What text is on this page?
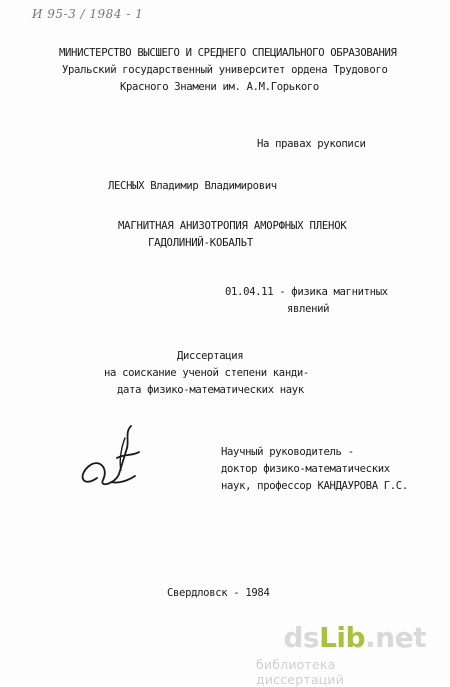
И 95-3 / 1984 - 1
МИНИСТЕРСТВО ВЫСШЕГО И СРЕДНЕГО СПЕЦИАЛЬНОГО ОБРАЗОВАНИЯ
Уральский государственный университет ордена Трудового
Красного Знамени им. А.М.Горького
На правах рукописи
ЛЕСНЫХ Владимир Владимирович
МАГНИТНАЯ АНИЗОТРОПИЯ АМОРФНЫХ ПЛЕНОК
ГАДОЛИНИЙ-КОБАЛЬТ
01.04.11 - физика магнитных
явлений
Диссертация
на соискание ученой степени канди-
дата физико-математических наук
Научный руководитель -
доктор физико-математических
наук, профессор КАНДАУРОВА Г.С.
Свердловск - 1984
dsLib.net
библиотека диссертаций
